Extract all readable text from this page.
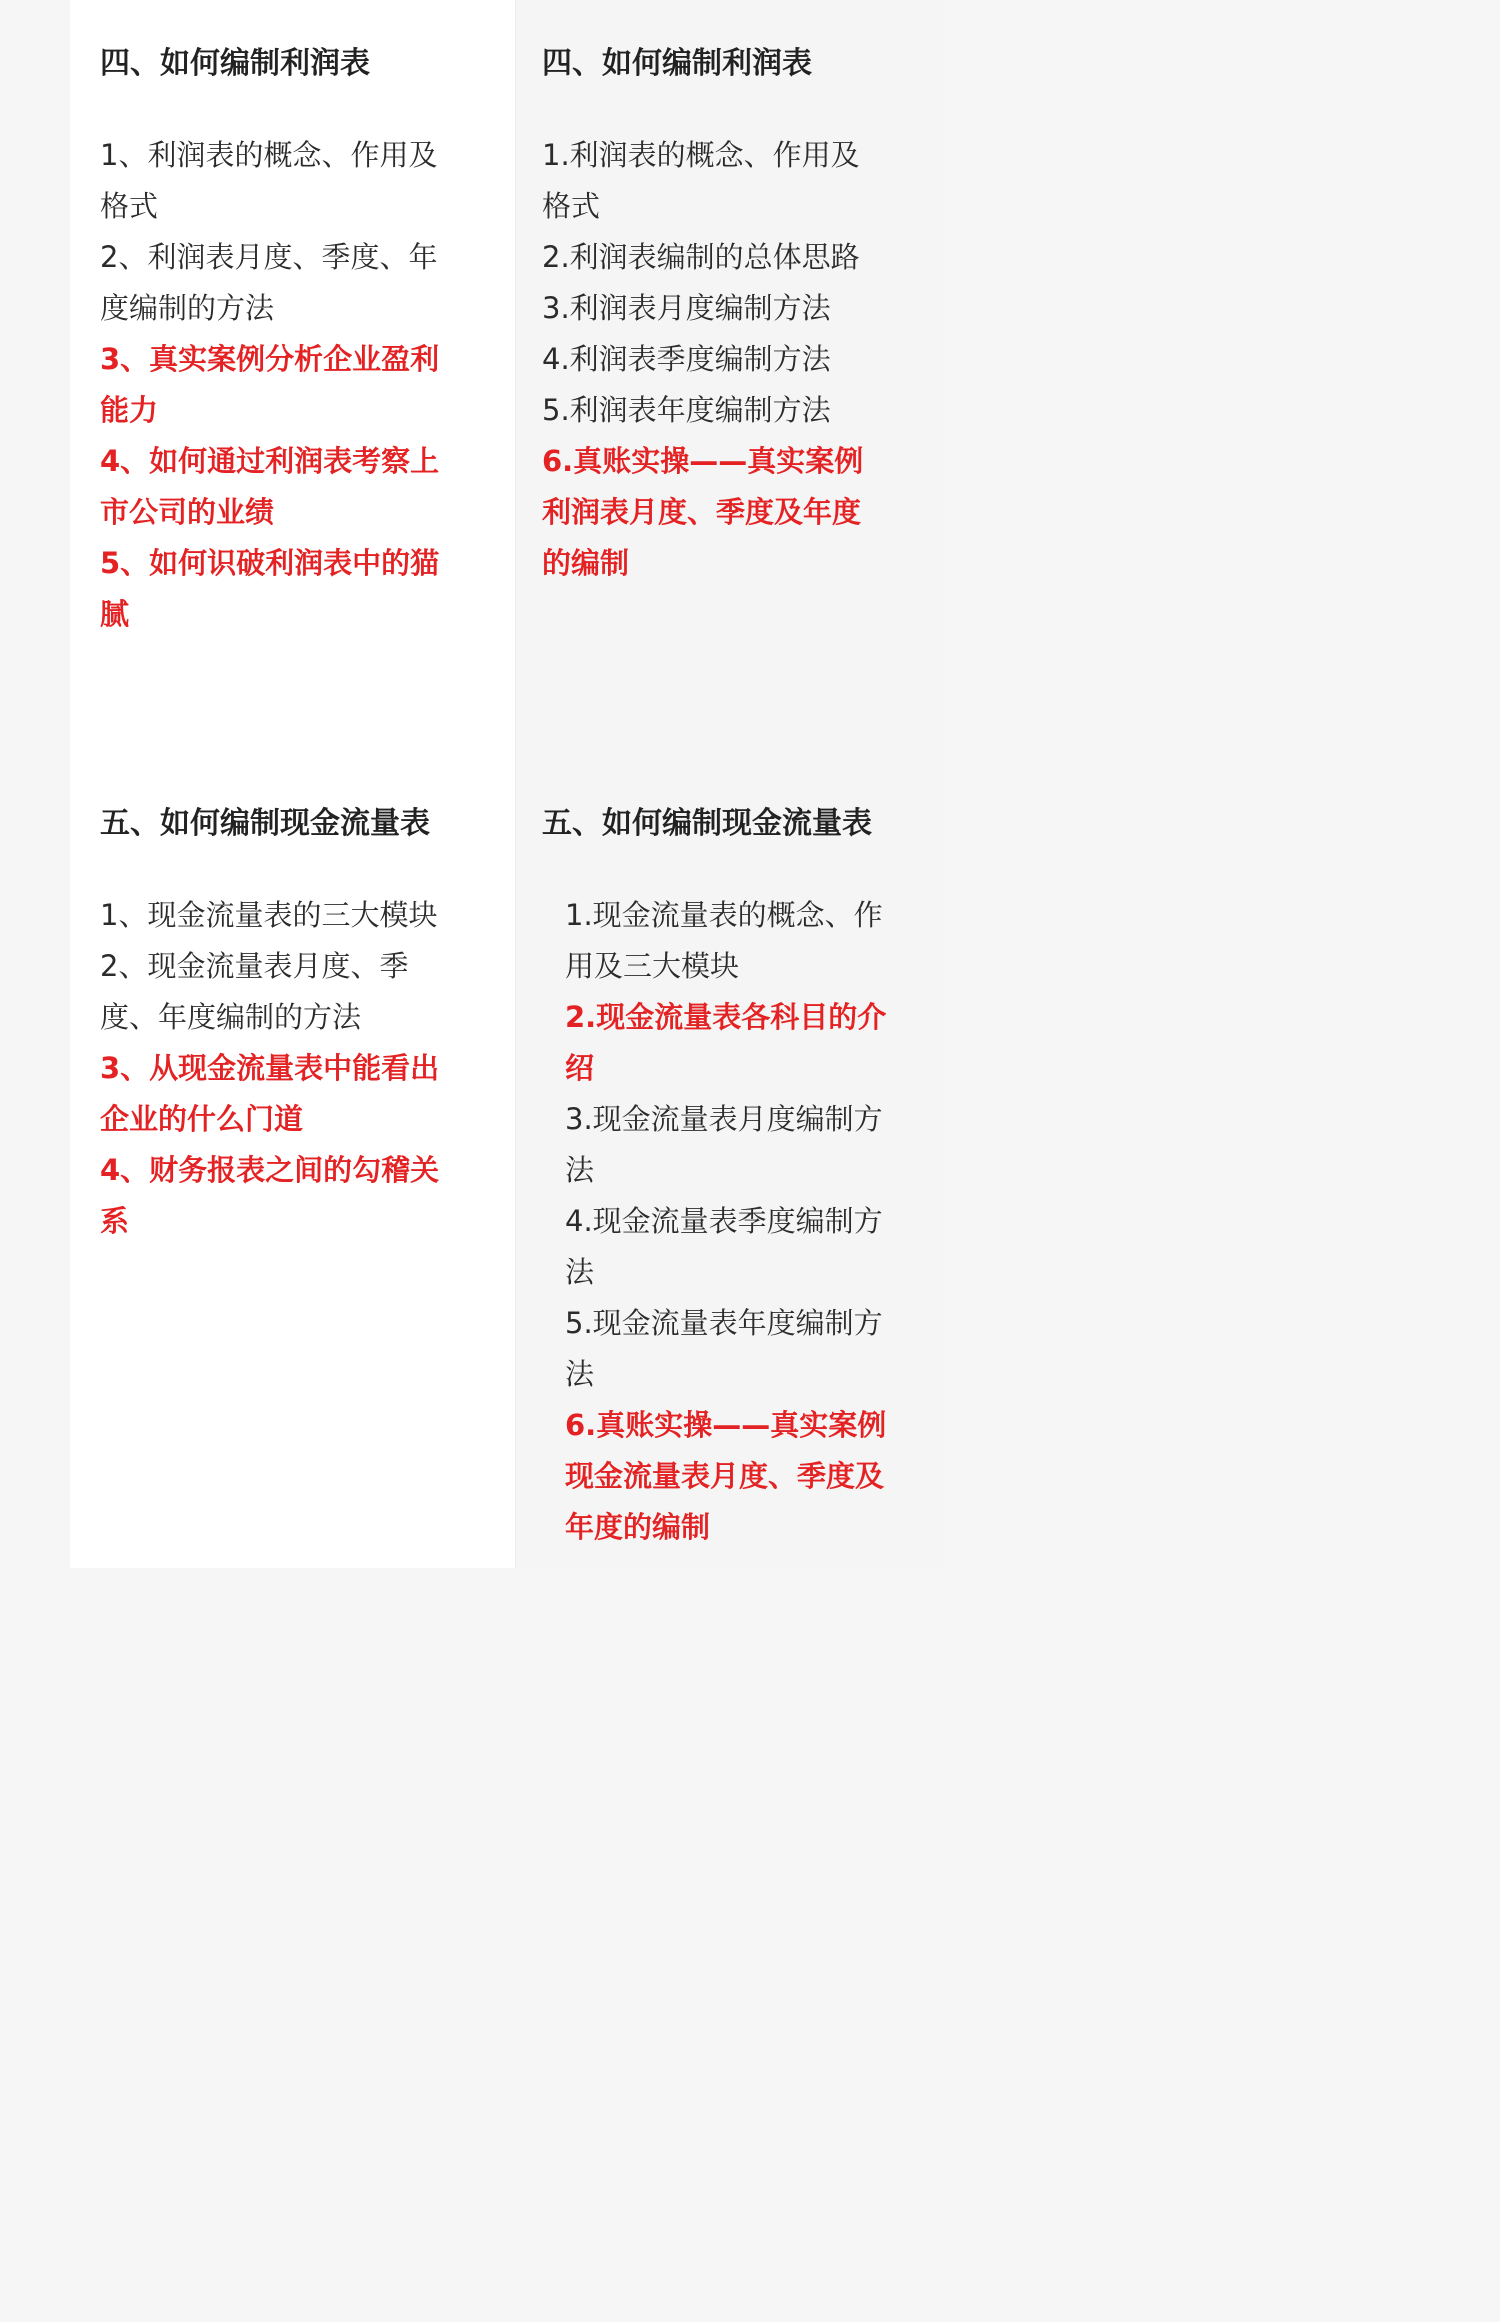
四、如何编制利润表
1、利润表的概念、作用及格式
2、利润表月度、季度、年度编制的方法
3、真实案例分析企业盈利能力
4、如何通过利润表考察上市公司的业绩
5、如何识破利润表中的猫腻
五、如何编制现金流量表
1、现金流量表的三大模块
2、现金流量表月度、季度、年度编制的方法
3、从现金流量表中能看出企业的什么门道
4、财务报表之间的勾稽关系
四、如何编制利润表
1.利润表的概念、作用及格式
2.利润表编制的总体思路
3.利润表月度编制方法
4.利润表季度编制方法
5.利润表年度编制方法
6.真账实操——真实案例利润表月度、季度及年度的编制
五、如何编制现金流量表
1.现金流量表的概念、作用及三大模块
2.现金流量表各科目的介绍
3.现金流量表月度编制方法
4.现金流量表季度编制方法
5.现金流量表年度编制方法
6.真账实操——真实案例现金流量表月度、季度及年度的编制
